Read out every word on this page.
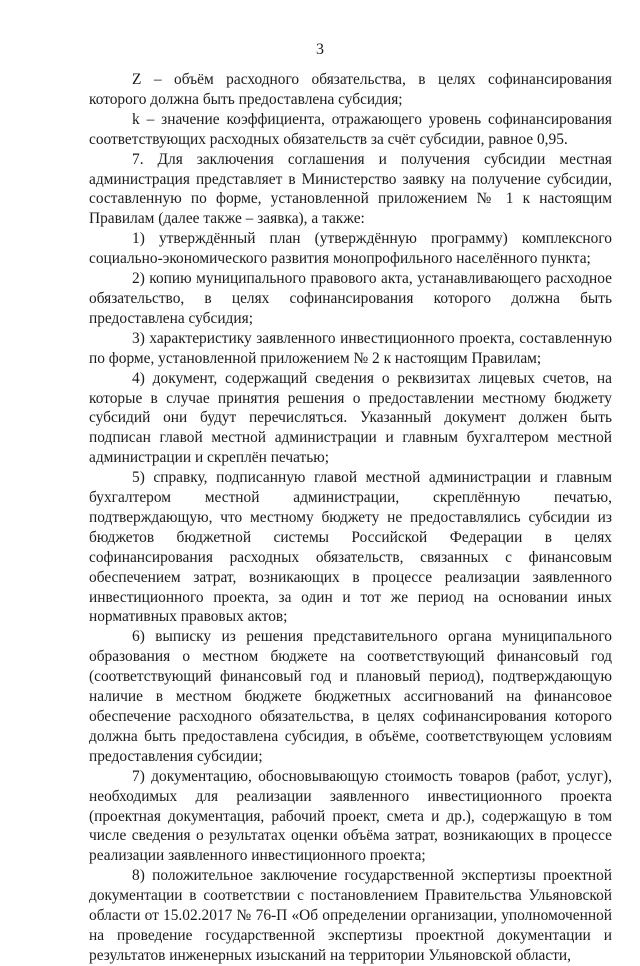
3

Z – объём расходного обязательства, в целях софинансирования которого должна быть предоставлена субсидия;

k – значение коэффициента, отражающего уровень софинансирования соответствующих расходных обязательств за счёт субсидии, равное 0,95.

7. Для заключения соглашения и получения субсидии местная администрация представляет в Министерство заявку на получение субсидии, составленную по форме, установленной приложением № 1 к настоящим Правилам (далее также – заявка), а также:

1) утверждённый план (утверждённую программу) комплексного социально-экономического развития монопрофильного населённого пункта;

2) копию муниципального правового акта, устанавливающего расходное обязательство, в целях софинансирования которого должна быть предоставлена субсидия;

3) характеристику заявленного инвестиционного проекта, составленную по форме, установленной приложением № 2 к настоящим Правилам;

4) документ, содержащий сведения о реквизитах лицевых счетов, на которые в случае принятия решения о предоставлении местному бюджету субсидий они будут перечисляться. Указанный документ должен быть подписан главой местной администрации и главным бухгалтером местной администрации и скреплён печатью;

5) справку, подписанную главой местной администрации и главным бухгалтером местной администрации, скреплённую печатью, подтверждающую, что местному бюджету не предоставлялись субсидии из бюджетов бюджетной системы Российской Федерации в целях софинансирования расходных обязательств, связанных с финансовым обеспечением затрат, возникающих в процессе реализации заявленного инвестиционного проекта, за один и тот же период на основании иных нормативных правовых актов;

6) выписку из решения представительного органа муниципального образования о местном бюджете на соответствующий финансовый год (соответствующий финансовый год и плановый период), подтверждающую наличие в местном бюджете бюджетных ассигнований на финансовое обеспечение расходного обязательства, в целях софинансирования которого должна быть предоставлена субсидия, в объёме, соответствующем условиям предоставления субсидии;

7) документацию, обосновывающую стоимость товаров (работ, услуг), необходимых для реализации заявленного инвестиционного проекта (проектная документация, рабочий проект, смета и др.), содержащую в том числе сведения о результатах оценки объёма затрат, возникающих в процессе реализации заявленного инвестиционного проекта;

8) положительное заключение государственной экспертизы проектной документации в соответствии с постановлением Правительства Ульяновской области от 15.02.2017 № 76-П «Об определении организации, уполномоченной на проведение государственной экспертизы проектной документации и результатов инженерных изысканий на территории Ульяновской области,
